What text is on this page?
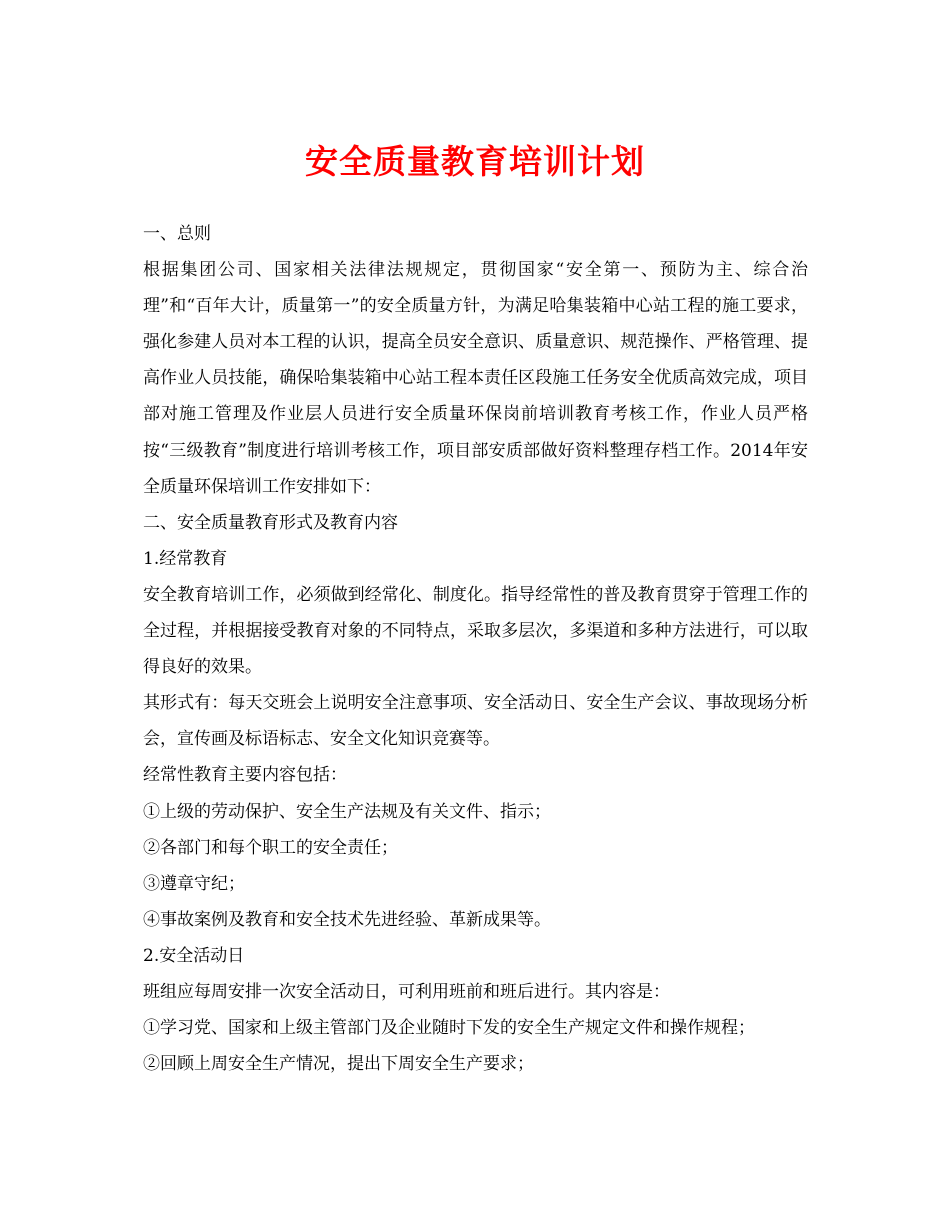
安全质量教育培训计划
一、总则
根据集团公司、国家相关法律法规规定，贯彻国家“安全第一、预防为主、综合治理”和“百年大计，质量第一”的安全质量方针，为满足哈集装箱中心站工程的施工要求，强化参建人员对本工程的认识，提高全员安全意识、质量意识、规范操作、严格管理、提高作业人员技能，确保哈集装箱中心站工程本责任区段施工任务安全优质高效完成，项目部对施工管理及作业层人员进行安全质量环保岗前培训教育考核工作，作业人员严格按“三级教育”制度进行培训考核工作，项目部安质部做好资料整理存档工作。2014年安全质量环保培训工作安排如下：
二、安全质量教育形式及教育内容
1.经常教育
安全教育培训工作，必须做到经常化、制度化。指导经常性的普及教育贯穿于管理工作的全过程，并根据接受教育对象的不同特点，采取多层次，多渠道和多种方法进行，可以取得良好的效果。
其形式有：每天交班会上说明安全注意事项、安全活动日、安全生产会议、事故现场分析会，宣传画及标语标志、安全文化知识竞赛等。
经常性教育主要内容包括：
①上级的劳动保护、安全生产法规及有关文件、指示；
②各部门和每个职工的安全责任；
③遵章守纪；
④事故案例及教育和安全技术先进经验、革新成果等。
2.安全活动日
班组应每周安排一次安全活动日，可利用班前和班后进行。其内容是：
①学习党、国家和上级主管部门及企业随时下发的安全生产规定文件和操作规程；
②回顾上周安全生产情况，提出下周安全生产要求；
